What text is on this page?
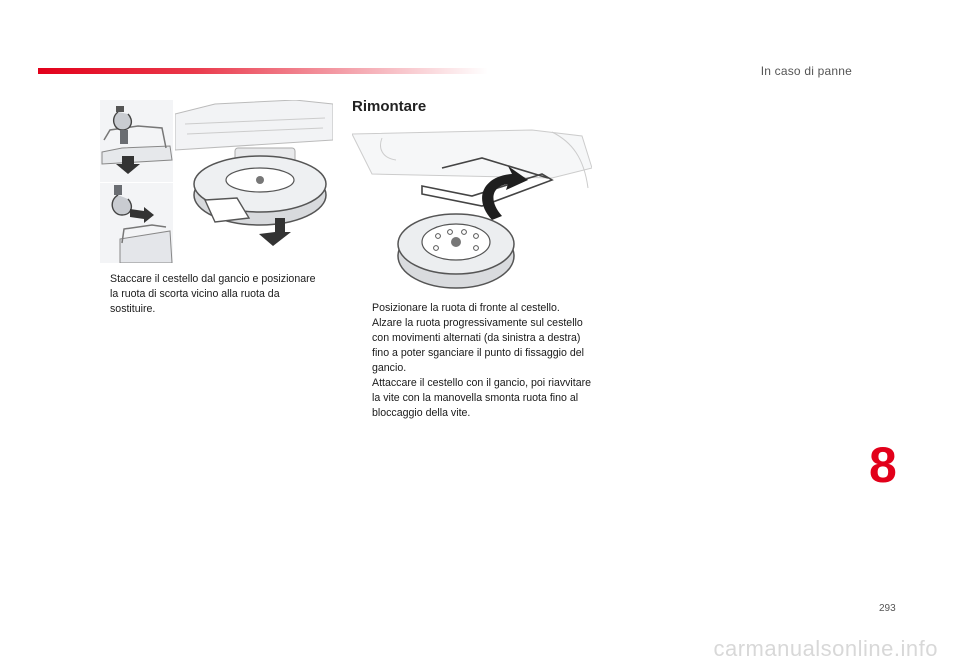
In caso di panne
Rimontare
Staccare il cestello dal gancio e posizionare la ruota di scorta vicino alla ruota da sostituire.	Posizionare la ruota di fronte al cestello.
Alzare la ruota progressivamente sul cestello con movimenti alternati (da sinistra a destra) fino a poter sganciare il punto di fissaggio del gancio.
Attaccare il cestello con il gancio, poi riavvitare la vite con la manovella smonta ruota fino al bloccaggio della vite.
8
293
carmanualsonline.info
